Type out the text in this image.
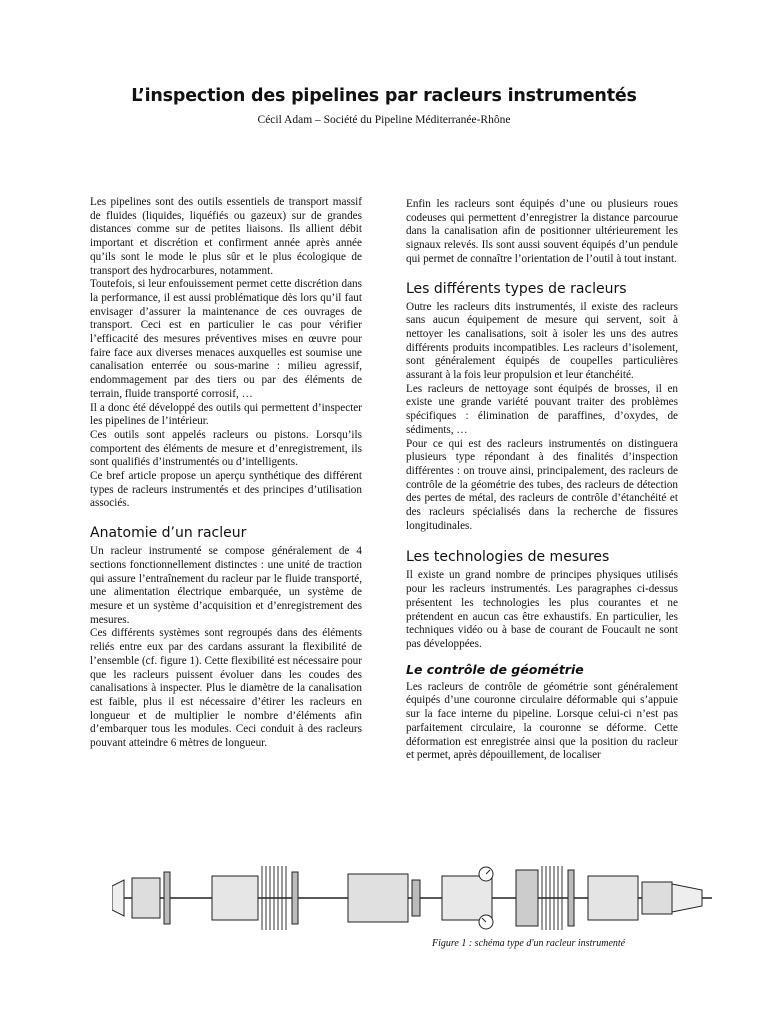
L’inspection des pipelines par racleurs instrumentés
Cécil Adam – Société du Pipeline Méditerranée-Rhône

Les pipelines sont des outils essentiels de transport massif de fluides (liquides, liquéfiés ou gazeux) sur de grandes distances comme sur de petites liaisons. Ils allient débit important et discrétion et confirment année après année qu’ils sont le mode le plus sûr et le plus écologique de transport des hydrocarbures, notamment.

Toutefois, si leur enfouissement permet cette discrétion dans la performance, il est aussi problématique dès lors qu’il faut envisager d’assurer la maintenance de ces ouvrages de transport. Ceci est en particulier le cas pour vérifier l’efficacité des mesures préventives mises en œuvre pour faire face aux diverses menaces auxquelles est soumise une canalisation enterrée ou sous-marine : milieu agressif, endommagement par des tiers ou par des éléments de terrain, fluide transporté corrosif, …

Il a donc été développé des outils qui permettent d’inspecter les pipelines de l’intérieur.

Ces outils sont appelés racleurs ou pistons. Lorsqu’ils comportent des éléments de mesure et d’enregistrement, ils sont qualifiés d’instrumentés ou d’intelligents.

Ce bref article propose un aperçu synthétique des différent types de racleurs instrumentés et des principes d’utilisation associés.

Anatomie d’un racleur

Un racleur instrumenté se compose généralement de 4 sections fonctionnellement distinctes : une unité de traction qui assure l’entraînement du racleur par le fluide transporté, une alimentation électrique embarquée, un système de mesure et un système d’acquisition et d’enregistrement des mesures.

Ces différents systèmes sont regroupés dans des éléments reliés entre eux par des cardans assurant la flexibilité de l’ensemble (cf. figure 1). Cette flexibilité est nécessaire pour que les racleurs puissent évoluer dans les coudes des canalisations à inspecter. Plus le diamètre de la canalisation est faible, plus il est nécessaire d’étirer les racleurs en longueur et de multiplier le nombre d’éléments afin d’embarquer tous les modules. Ceci conduit à des racleurs pouvant atteindre 6 mètres de longueur.

Enfin les racleurs sont équipés d’une ou plusieurs roues codeuses qui permettent d’enregistrer la distance parcourue dans la canalisation afin de positionner ultérieurement les signaux relevés. Ils sont aussi souvent équipés d’un pendule qui permet de connaître l’orientation de l’outil à tout instant.

Les différents types de racleurs

Outre les racleurs dits instrumentés, il existe des racleurs sans aucun équipement de mesure qui servent, soit à nettoyer les canalisations, soit à isoler les uns des autres différents produits incompatibles. Les racleurs d’isolement, sont généralement équipés de coupelles particulières assurant à la fois leur propulsion et leur étanchéité.

Les racleurs de nettoyage sont équipés de brosses, il en existe une grande variété pouvant traiter des problèmes spécifiques : élimination de paraffines, d’oxydes, de sédiments, …

Pour ce qui est des racleurs instrumentés on distinguera plusieurs type répondant à des finalités d’inspection différentes : on trouve ainsi, principalement, des racleurs de contrôle de la géométrie des tubes, des racleurs de détection des pertes de métal, des racleurs de contrôle d’étanchéité et des racleurs spécialisés dans la recherche de fissures longitudinales.

Les technologies de mesures

Il existe un grand nombre de principes physiques utilisés pour les racleurs instrumentés. Les paragraphes ci-dessus présentent les technologies les plus courantes et ne prétendent en aucun cas être exhaustifs. En particulier, les techniques vidéo ou à base de courant de Foucault ne sont pas développées.

Le contrôle de géométrie

Les racleurs de contrôle de géométrie sont généralement équipés d’une couronne circulaire déformable qui s’appuie sur la face interne du pipeline. Lorsque celui-ci n’est pas parfaitement circulaire, la couronne se déforme. Cette déformation est enregistrée ainsi que la position du racleur et permet, après dépouillement, de localiser

Figure 1 : schéma type d'un racleur instrumenté
